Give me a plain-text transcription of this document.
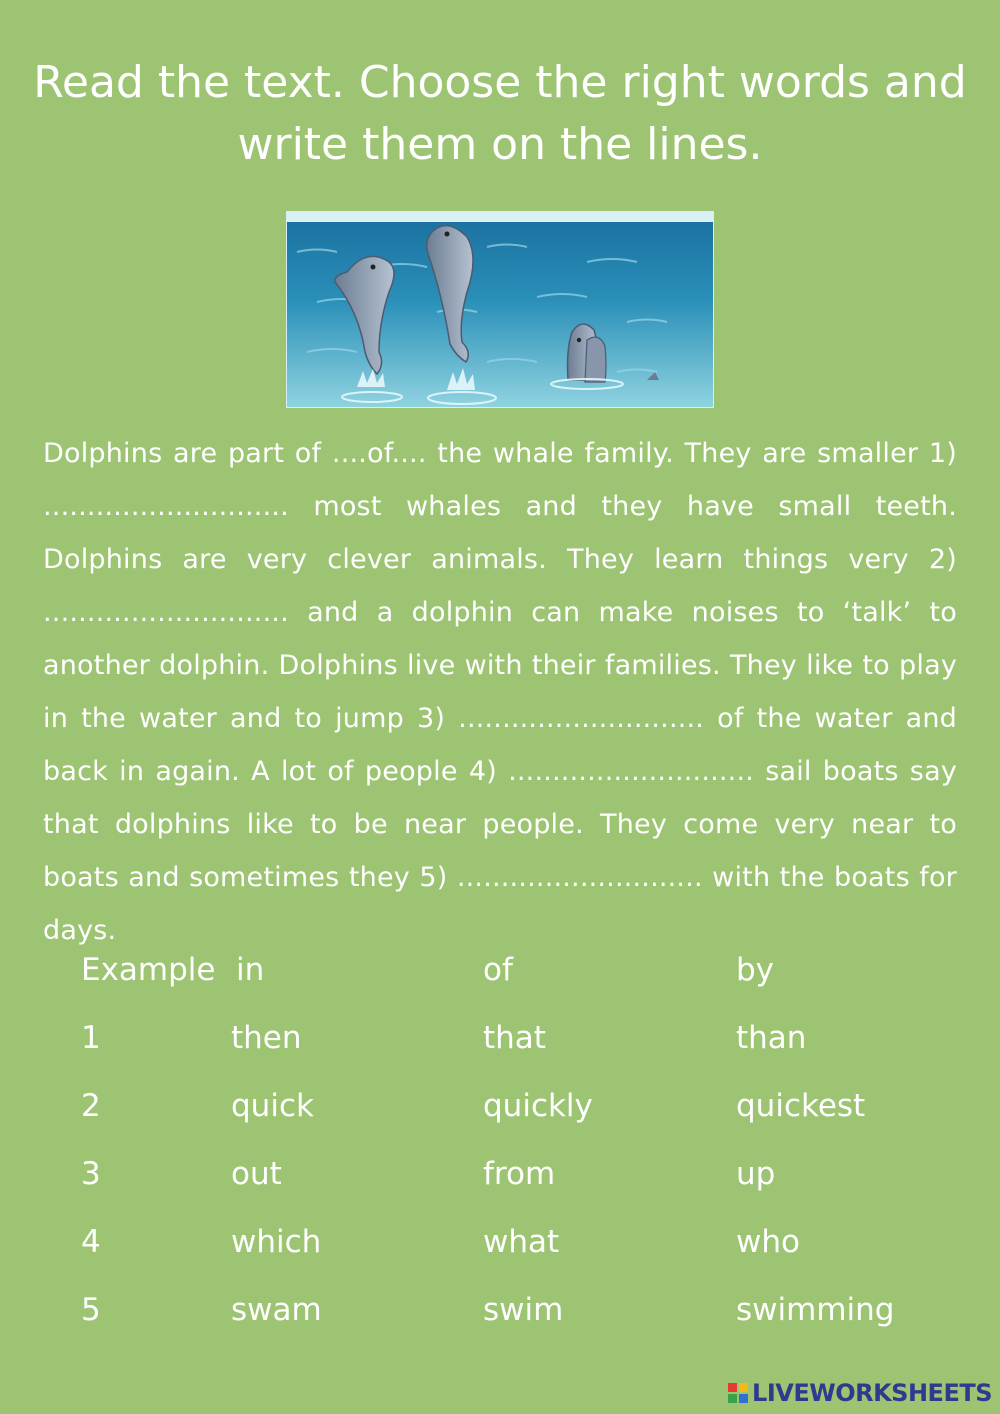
Read the text. Choose the right words and write them on the lines.

Dolphins are part of ....of.... the whale family. They are smaller 1) ............................ most whales and they have small teeth. Dolphins are very clever animals. They learn things very 2) ............................ and a dolphin can make noises to ‘talk’ to another dolphin. Dolphins live with their families. They like to play in the water and to jump 3) ............................ of the water and back in again. A lot of people 4) ............................ sail boats say that dolphins like to be near people. They come very near to boats and sometimes they 5) ............................ with the boats for days.

Example in	of	by
1	then	that	than
2	quick	quickly	quickest
3	out	from	up
4	which	what	who
5	swam	swim	swimming
LIVEWORKSHEETS
